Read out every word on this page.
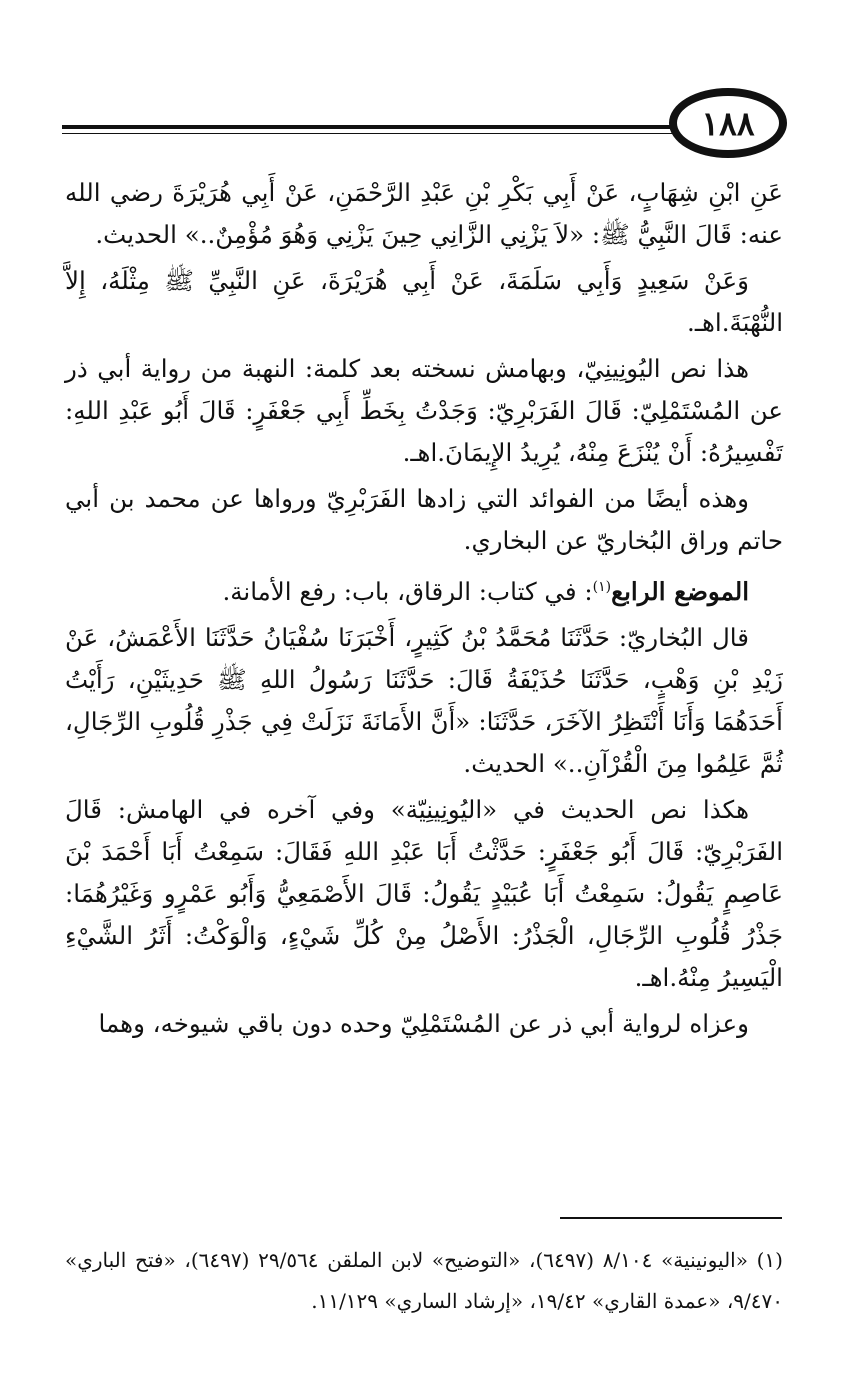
١٨٨

عَنِ ابْنِ شِهَابٍ، عَنْ أَبِي بَكْرِ بْنِ عَبْدِ الرَّحْمَنِ، عَنْ أَبِي هُرَيْرَةَ رضي الله عنه: قَالَ النَّبِيُّ ﷺ: «لاَ يَزْنِي الزَّانِي حِينَ يَزْنِي وَهُوَ مُؤْمِنٌ..» الحديث.

وَعَنْ سَعِيدٍ وَأَبِي سَلَمَةَ، عَنْ أَبِي هُرَيْرَةَ، عَنِ النَّبِيِّ ﷺ مِثْلَهُ، إِلاَّ النُّهْبَةَ.اهـ.

هذا نص اليُونِينِيّ، وبهامش نسخته بعد كلمة: النهبة من رواية أبي ذر عن المُسْتَمْلِيّ: قَالَ الفَرَبْرِيّ: وَجَدْتُ بِخَطِّ أَبِي جَعْفَرٍ: قَالَ أَبُو عَبْدِ اللهِ: تَفْسِيرُهُ: أَنْ يُنْزَعَ مِنْهُ، يُرِيدُ الإِيمَانَ.اهـ.

وهذه أيضًا من الفوائد التي زادها الفَرَبْرِيّ ورواها عن محمد بن أبي حاتم وراق البُخاريّ عن البخاري.

الموضع الرابع$^{(١)}$: في كتاب: الرقاق، باب: رفع الأمانة.

قال البُخاريّ: حَدَّثَنَا مُحَمَّدُ بْنُ كَثِيرٍ، أَخْبَرَنَا سُفْيَانُ حَدَّثَنَا الأَعْمَشُ، عَنْ زَيْدِ بْنِ وَهْبٍ، حَدَّثَنَا حُذَيْفَةُ قَالَ: حَدَّثَنَا رَسُولُ اللهِ ﷺ حَدِيثَيْنِ، رَأَيْتُ أَحَدَهُمَا وَأَنَا أَنْتَظِرُ الآخَرَ، حَدَّثَنَا: «أَنَّ الأَمَانَةَ نَزَلَتْ فِي جَذْرِ قُلُوبِ الرِّجَالِ، ثُمَّ عَلِمُوا مِنَ الْقُرْآنِ..» الحديث.

هكذا نص الحديث في «اليُونِينِيّة» وفي آخره في الهامش: قَالَ الفَرَبْرِيّ: قَالَ أَبُو جَعْفَرٍ: حَدَّثْتُ أَبَا عَبْدِ اللهِ فَقَالَ: سَمِعْتُ أَبَا أَحْمَدَ بْنَ عَاصِمٍ يَقُولُ: سَمِعْتُ أَبَا عُبَيْدٍ يَقُولُ: قَالَ الأَصْمَعِيُّ وَأَبُو عَمْرٍو وَغَيْرُهُمَا: جَذْرُ قُلُوبِ الرِّجَالِ، الْجَذْرُ: الأَصْلُ مِنْ كُلِّ شَيْءٍ، وَالْوَكْتُ: أَثَرُ الشَّيْءِ الْيَسِيرُ مِنْهُ.اهـ.

وعزاه لرواية أبي ذر عن المُسْتَمْلِيّ وحده دون باقي شيوخه، وهما

(١) «اليونينية» ٨/١٠٤ (٦٤٩٧)، «التوضيح» لابن الملقن ٢٩/٥٦٤ (٦٤٩٧)، «فتح الباري» ٩/٤٧٠، «عمدة القاري» ١٩/٤٢، «إرشاد الساري» ١١/١٢٩.
